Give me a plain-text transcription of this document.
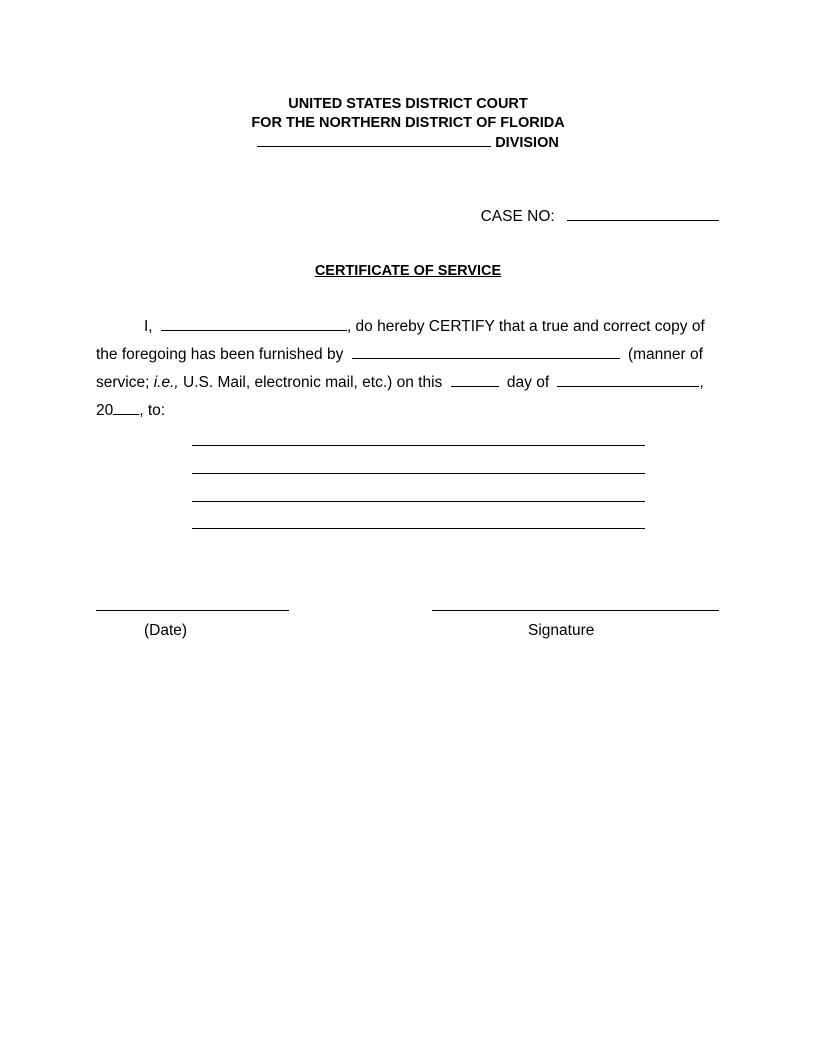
UNITED STATES DISTRICT COURT
FOR THE NORTHERN DISTRICT OF FLORIDA
DIVISION
CASE NO:
CERTIFICATE OF SERVICE
I,	, do hereby CERTIFY that a true and correct copy of
the foregoing has been furnished by	(manner of
service; i.e., U.S. Mail, electronic mail, etc.) on this	day of	,
20 , to:
(Date)	Signature
